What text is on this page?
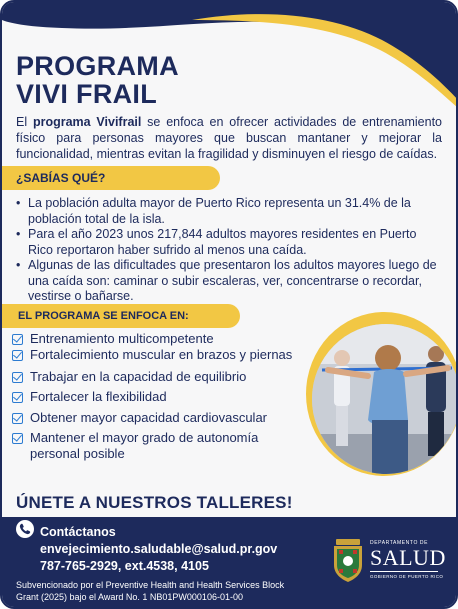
PROGRAMA
VIVI FRAIL

El programa Vivifrail se enfoca en ofrecer actividades de entrenamiento físico para personas mayores que buscan mantaner y mejorar la funcionalidad, mientras evitan la fragilidad y disminuyen el riesgo de caídas.

¿SABÍAS QUÉ?
• La población adulta mayor de Puerto Rico representa un 31.4% de la población total de la isla.
• Para el año 2023 unos 217,844 adultos mayores residentes en Puerto Rico reportaron haber sufrido al menos una caída.
• Algunas de las dificultades que presentaron los adultos mayores luego de una caída son: caminar o subir escaleras, ver, concentrarse o recordar, vestirse o bañarse.
EL PROGRAMA SE ENFOCA EN:
Entrenamiento multicompetente
Fortalecimiento muscular en brazos y piernas
Trabajar en la capacidad de equilibrio
Fortalecer la flexibilidad
Obtener mayor capacidad cardiovascular
Mantener el mayor grado de autonomía personal posible
ÚNETE A NUESTROS TALLERES!
Contáctanos
envejecimiento.saludable@salud.pr.gov
787-765-2929, ext.4538, 4105

Subvencionado por el Preventive Health and Health Services Block Grant (2025) bajo el Award No. 1 NB01PW000106-01-00

DEPARTAMENTO DE
SALUD
GOBIERNO DE PUERTO RICO
